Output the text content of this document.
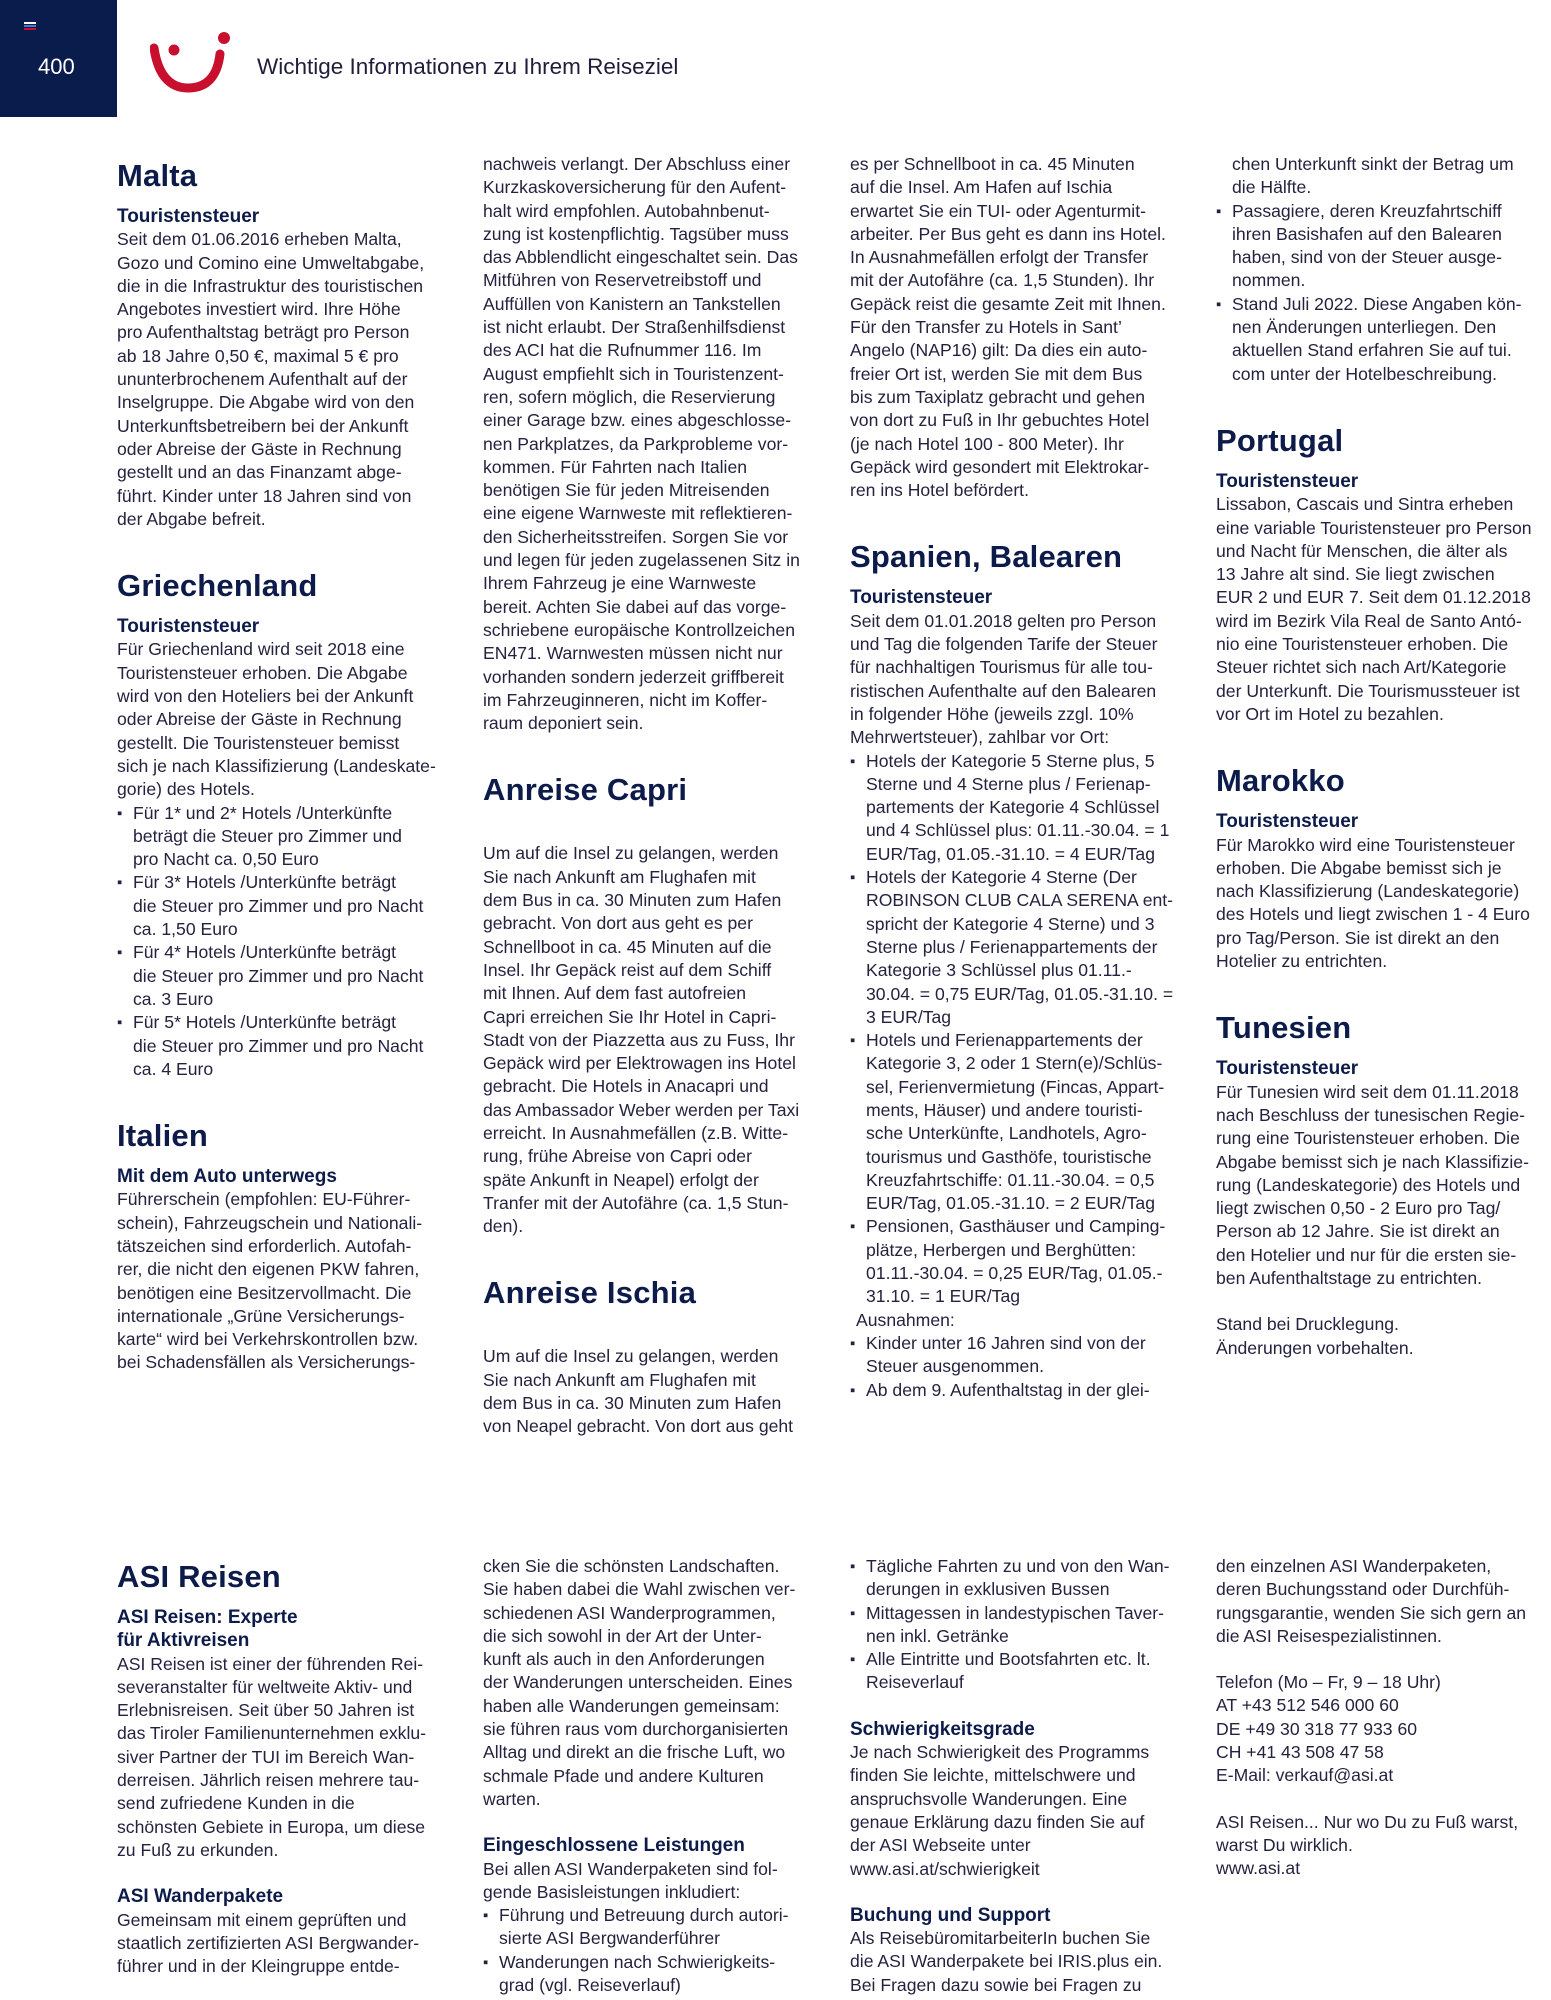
400	Wichtige Informationen zu Ihrem Reiseziel
Malta
Touristensteuer
Seit dem 01.06.2016 erheben Malta,
Gozo und Comino eine Umweltabgabe,
die in die Infrastruktur des touristischen
Angebotes investiert wird. Ihre Höhe
pro Aufenthaltstag beträgt pro Person
ab 18 Jahre 0,50 €, maximal 5 € pro
ununterbrochenem Aufenthalt auf der
Inselgruppe. Die Abgabe wird von den
Unterkunftsbetreibern bei der Ankunft
oder Abreise der Gäste in Rechnung
gestellt und an das Finanzamt abge-
führt. Kinder unter 18 Jahren sind von
der Abgabe befreit.
Griechenland
Touristensteuer
Für Griechenland wird seit 2018 eine
Touristensteuer erhoben. Die Abgabe
wird von den Hoteliers bei der Ankunft
oder Abreise der Gäste in Rechnung
gestellt. Die Touristensteuer bemisst
sich je nach Klassifizierung (Landeskate-
gorie) des Hotels.
▪ Für 1* und 2* Hotels /Unterkünfte
beträgt die Steuer pro Zimmer und
pro Nacht ca. 0,50 Euro
▪ Für 3* Hotels /Unterkünfte beträgt
die Steuer pro Zimmer und pro Nacht
ca. 1,50 Euro
▪ Für 4* Hotels /Unterkünfte beträgt
die Steuer pro Zimmer und pro Nacht
ca. 3 Euro
▪ Für 5* Hotels /Unterkünfte beträgt
die Steuer pro Zimmer und pro Nacht
ca. 4 Euro
Italien
Mit dem Auto unterwegs
Führerschein (empfohlen: EU-Führer-
schein), Fahrzeugschein und Nationali-
tätszeichen sind erforderlich. Autofah-
rer, die nicht den eigenen PKW fahren,
benötigen eine Besitzervollmacht. Die
internationale „Grüne Versicherungs-
karte“ wird bei Verkehrskontrollen bzw.
bei Schadensfällen als Versicherungs-
nachweis verlangt. Der Abschluss einer
Kurzkaskoversicherung für den Aufent-
halt wird empfohlen. Autobahnbenut-
zung ist kostenpflichtig. Tagsüber muss
das Abblendlicht eingeschaltet sein. Das
Mitführen von Reservetreibstoff und
Auffüllen von Kanistern an Tankstellen
ist nicht erlaubt. Der Straßenhilfsdienst
des ACI hat die Rufnummer 116. Im
August empfiehlt sich in Touristenzent-
ren, sofern möglich, die Reservierung
einer Garage bzw. eines abgeschlosse-
nen Parkplatzes, da Parkprobleme vor-
kommen. Für Fahrten nach Italien
benötigen Sie für jeden Mitreisenden
eine eigene Warnweste mit reflektieren-
den Sicherheitsstreifen. Sorgen Sie vor
und legen für jeden zugelassenen Sitz in
Ihrem Fahrzeug je eine Warnweste
bereit. Achten Sie dabei auf das vorge-
schriebene europäische Kontrollzeichen
EN471. Warnwesten müssen nicht nur
vorhanden sondern jederzeit griffbereit
im Fahrzeuginneren, nicht im Koffer-
raum deponiert sein.
Anreise Capri
Um auf die Insel zu gelangen, werden
Sie nach Ankunft am Flughafen mit
dem Bus in ca. 30 Minuten zum Hafen
gebracht. Von dort aus geht es per
Schnellboot in ca. 45 Minuten auf die
Insel. Ihr Gepäck reist auf dem Schiff
mit Ihnen. Auf dem fast autofreien
Capri erreichen Sie Ihr Hotel in Capri-
Stadt von der Piazzetta aus zu Fuss, Ihr
Gepäck wird per Elektrowagen ins Hotel
gebracht. Die Hotels in Anacapri und
das Ambassador Weber werden per Taxi
erreicht. In Ausnahmefällen (z.B. Witte-
rung, frühe Abreise von Capri oder
späte Ankunft in Neapel) erfolgt der
Tranfer mit der Autofähre (ca. 1,5 Stun-
den).
Anreise Ischia
Um auf die Insel zu gelangen, werden
Sie nach Ankunft am Flughafen mit
dem Bus in ca. 30 Minuten zum Hafen
von Neapel gebracht. Von dort aus geht
es per Schnellboot in ca. 45 Minuten
auf die Insel. Am Hafen auf Ischia
erwartet Sie ein TUI- oder Agenturmit-
arbeiter. Per Bus geht es dann ins Hotel.
In Ausnahmefällen erfolgt der Transfer
mit der Autofähre (ca. 1,5 Stunden). Ihr
Gepäck reist die gesamte Zeit mit Ihnen.
Für den Transfer zu Hotels in Sant’
Angelo (NAP16) gilt: Da dies ein auto-
freier Ort ist, werden Sie mit dem Bus
bis zum Taxiplatz gebracht und gehen
von dort zu Fuß in Ihr gebuchtes Hotel
(je nach Hotel 100 - 800 Meter). Ihr
Gepäck wird gesondert mit Elektrokar-
ren ins Hotel befördert.
Spanien, Balearen
Touristensteuer
Seit dem 01.01.2018 gelten pro Person
und Tag die folgenden Tarife der Steuer
für nachhaltigen Tourismus für alle tou-
ristischen Aufenthalte auf den Balearen
in folgender Höhe (jeweils zzgl. 10%
Mehrwertsteuer), zahlbar vor Ort:
▪ Hotels der Kategorie 5 Sterne plus, 5
Sterne und 4 Sterne plus / Ferienap-
partements der Kategorie 4 Schlüssel
und 4 Schlüssel plus: 01.11.-30.04. = 1
EUR/Tag, 01.05.-31.10. = 4 EUR/Tag
▪ Hotels der Kategorie 4 Sterne (Der
ROBINSON CLUB CALA SERENA ent-
spricht der Kategorie 4 Sterne) und 3
Sterne plus / Ferienappartements der
Kategorie 3 Schlüssel plus 01.11.-
30.04. = 0,75 EUR/Tag, 01.05.-31.10. =
3 EUR/Tag
▪ Hotels und Ferienappartements der
Kategorie 3, 2 oder 1 Stern(e)/Schlüs-
sel, Ferienvermietung (Fincas, Appart-
ments, Häuser) und andere touristi-
sche Unterkünfte, Landhotels, Agro-
tourismus und Gasthöfe, touristische
Kreuzfahrtschiffe: 01.11.-30.04. = 0,5
EUR/Tag, 01.05.-31.10. = 2 EUR/Tag
▪ Pensionen, Gasthäuser und Camping-
plätze, Herbergen und Berghütten:
01.11.-30.04. = 0,25 EUR/Tag, 01.05.-
31.10. = 1 EUR/Tag

Ausnahmen:

▪ Kinder unter 16 Jahren sind von der
Steuer ausgenommen.
▪ Ab dem 9. Aufenthaltstag in der glei-
chen Unterkunft sinkt der Betrag um
die Hälfte.
▪ Passagiere, deren Kreuzfahrtschiff
ihren Basishafen auf den Balearen
haben, sind von der Steuer ausge-
nommen.
▪ Stand Juli 2022. Diese Angaben kön-
nen Änderungen unterliegen. Den
aktuellen Stand erfahren Sie auf tui.
com unter der Hotelbeschreibung.
Portugal
Touristensteuer
Lissabon, Cascais und Sintra erheben
eine variable Touristensteuer pro Person
und Nacht für Menschen, die älter als
13 Jahre alt sind. Sie liegt zwischen
EUR 2 und EUR 7. Seit dem 01.12.2018
wird im Bezirk Vila Real de Santo Antó-
nio eine Touristensteuer erhoben. Die
Steuer richtet sich nach Art/Kategorie
der Unterkunft. Die Tourismussteuer ist
vor Ort im Hotel zu bezahlen.
Marokko
Touristensteuer
Für Marokko wird eine Touristensteuer
erhoben. Die Abgabe bemisst sich je
nach Klassifizierung (Landeskategorie)
des Hotels und liegt zwischen 1 - 4 Euro
pro Tag/Person. Sie ist direkt an den
Hotelier zu entrichten.
Tunesien
Touristensteuer
Für Tunesien wird seit dem 01.11.2018
nach Beschluss der tunesischen Regie-
rung eine Touristensteuer erhoben. Die
Abgabe bemisst sich je nach Klassifizie-
rung (Landeskategorie) des Hotels und
liegt zwischen 0,50 - 2 Euro pro Tag/
Person ab 12 Jahre. Sie ist direkt an
den Hotelier und nur für die ersten sie-
ben Aufenthaltstage zu entrichten.
Stand bei Drucklegung.
Änderungen vorbehalten.
ASI Reisen
ASI Reisen: Experte
für Aktivreisen
ASI Reisen ist einer der führenden Rei-
severanstalter für weltweite Aktiv- und
Erlebnisreisen. Seit über 50 Jahren ist
das Tiroler Familienunternehmen exklu-
siver Partner der TUI im Bereich Wan-
derreisen. Jährlich reisen mehrere tau-
send zufriedene Kunden in die
schönsten Gebiete in Europa, um diese
zu Fuß zu erkunden.
ASI Wanderpakete
Gemeinsam mit einem geprüften und
staatlich zertifizierten ASI Bergwander-
führer und in der Kleingruppe entde-
cken Sie die schönsten Landschaften.
Sie haben dabei die Wahl zwischen ver-
schiedenen ASI Wanderprogrammen,
die sich sowohl in der Art der Unter-
kunft als auch in den Anforderungen
der Wanderungen unterscheiden. Eines
haben alle Wanderungen gemeinsam:
sie führen raus vom durchorganisierten
Alltag und direkt an die frische Luft, wo
schmale Pfade und andere Kulturen
warten.
Eingeschlossene Leistungen
Bei allen ASI Wanderpaketen sind fol-
gende Basisleistungen inkludiert:
▪ Führung und Betreuung durch autori-
sierte ASI Bergwanderführer
▪ Wanderungen nach Schwierigkeits-
grad (vgl. Reiseverlauf)
▪ Tägliche Fahrten zu und von den Wan-
derungen in exklusiven Bussen
▪ Mittagessen in landestypischen Taver-
nen inkl. Getränke
▪ Alle Eintritte und Bootsfahrten etc. lt.
Reiseverlauf
Schwierigkeitsgrade
Je nach Schwierigkeit des Programms
finden Sie leichte, mittelschwere und
anspruchsvolle Wanderungen. Eine
genaue Erklärung dazu finden Sie auf
der ASI Webseite unter
www.asi.at/schwierigkeit
Buchung und Support
Als ReisebüromitarbeiterIn buchen Sie
die ASI Wanderpakete bei IRIS.plus ein.
Bei Fragen dazu sowie bei Fragen zu
den einzelnen ASI Wanderpaketen,
deren Buchungsstand oder Durchfüh-
rungsgarantie, wenden Sie sich gern an
die ASI Reisespezialistinnen.
Telefon (Mo – Fr, 9 – 18 Uhr)
AT +43 512 546 000 60
DE +49 30 318 77 933 60
CH +41 43 508 47 58
E-Mail: verkauf@asi.at
ASI Reisen... Nur wo Du zu Fuß warst,
warst Du wirklich.
www.asi.at
